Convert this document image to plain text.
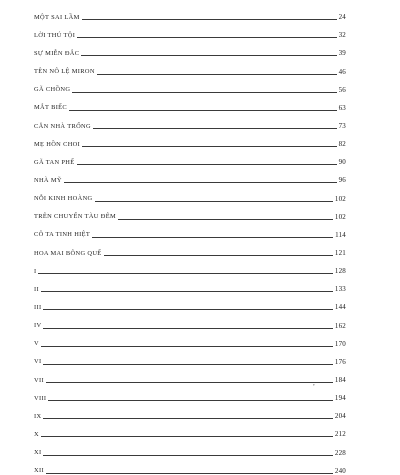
MỘT SAI LẦM	24
LỜI THÚ TỘI	32
SỰ MIỄN ĐẮC	39
TÊN NÔ LỆ MIRON	46
GÃ CHỒNG	56
MẮT BIẾC	63
CĂN NHÀ TRỐNG	73
MẸ HỒN CHOI	82
GÃ TAN PHẾ	90
NHÀ MỸ	96
NỖI KINH HOÀNG	102
TRÊN CHUYẾN TÀU ĐÊM	102
CÔ TA TINH HIỆT	114
HOA MAI BÔNG QUẾ	121
I	128
II	133
III	144
IV	162
V	170
VI	176
VII	184
VIII	194
IX	204
X	212
XI	228
XII	240
,
